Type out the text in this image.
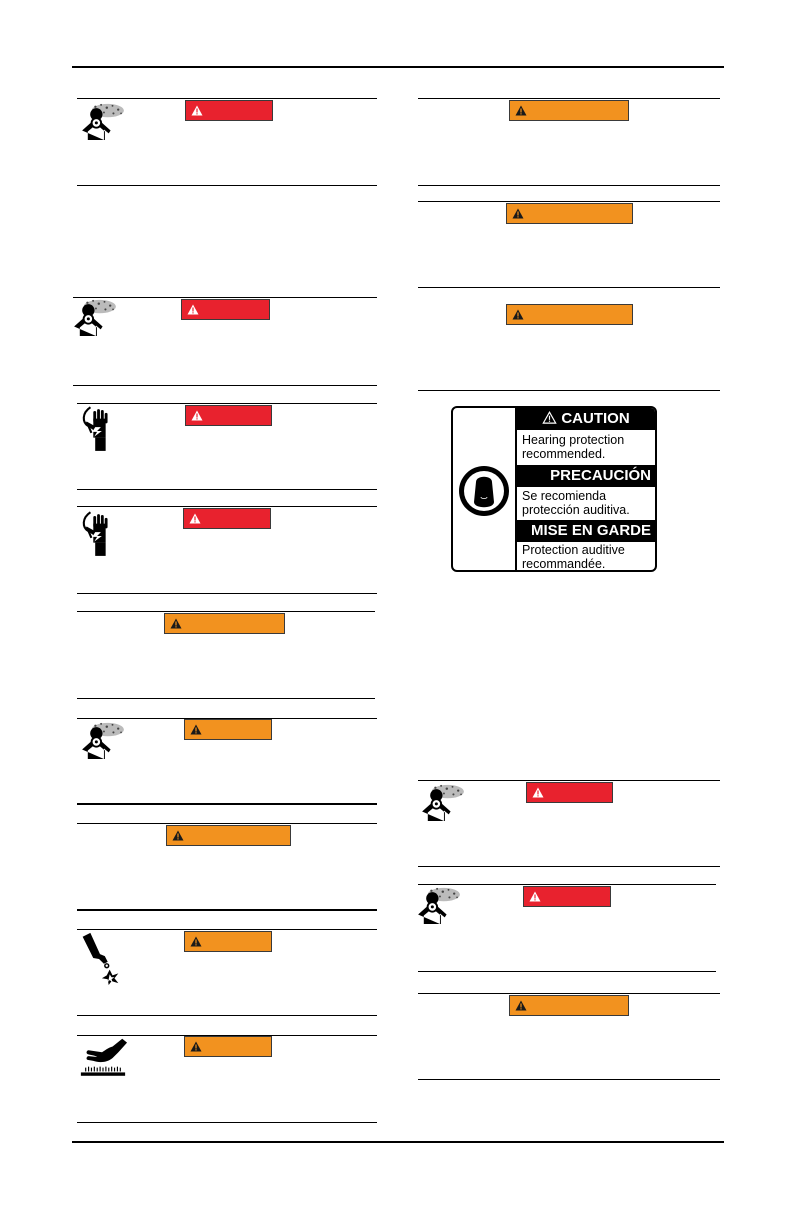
CAUTION
Hearing protection
recommended.
PRECAUCIÓN
Se recomienda
protección auditiva.
MISE EN GARDE
Protection auditive
recommandée.
